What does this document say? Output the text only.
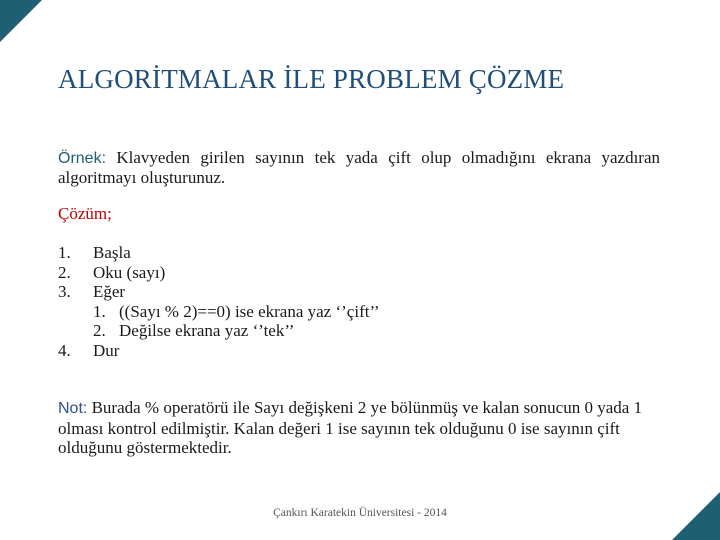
ALGORİTMALAR İLE PROBLEM ÇÖZME
Örnek: Klavyeden girilen sayının tek yada çift olup olmadığını ekrana yazdıran algoritmayı oluşturunuz.
Çözüm;
1. Başla
2. Oku (sayı)
3. Eğer
1. ((Sayı % 2)==0) ise ekrana yaz ‘’çift’’
2. Değilse ekrana yaz ‘’tek’’
4. Dur
Not: Burada % operatörü ile Sayı değişkeni 2 ye bölünmüş ve kalan sonucun 0 yada 1 olması kontrol edilmiştir. Kalan değeri 1 ise sayının tek olduğunu 0 ise sayının çift olduğunu göstermektedir.
Çankırı Karatekin Üniversitesi - 2014
